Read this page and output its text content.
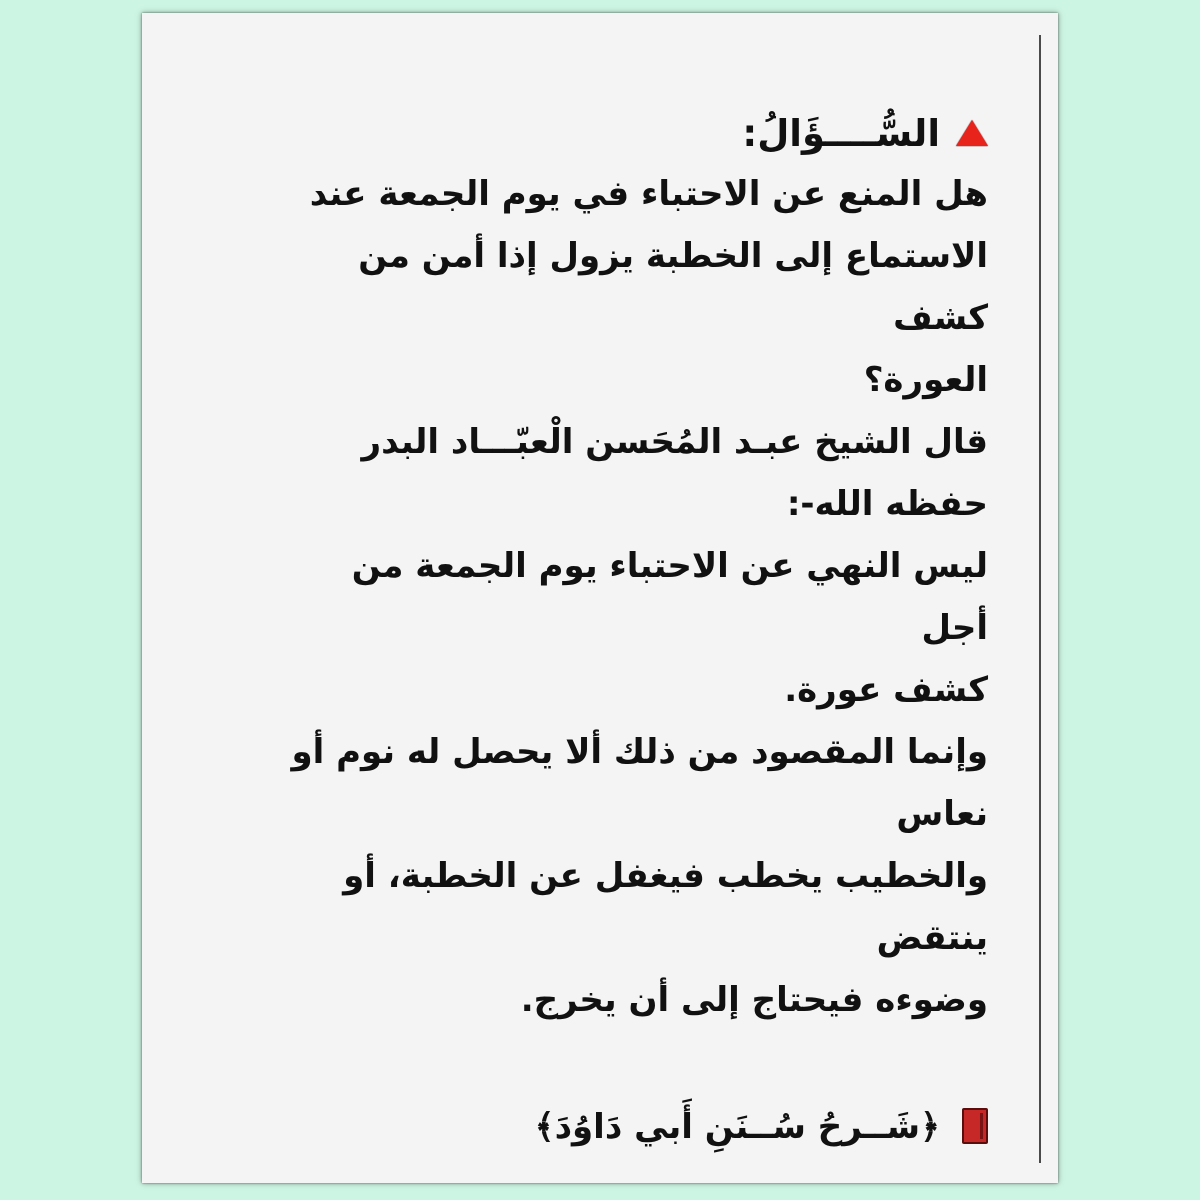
السُّــــؤَالُ:

هل المنع عن الاحتباء في يوم الجمعة عند
الاستماع إلى الخطبة يزول إذا أمن من كشف
العورة؟

قال الشيخ عبـد المُحَسن الْعبّـــاد البدر
حفظه الله-:

ليس النهي عن الاحتباء يوم الجمعة من أجل
كشف عورة.

وإنما المقصود من ذلك ألا يحصل له نوم أو نعاس
والخطيب يخطب فيغفل عن الخطبة، أو ينتقض
وضوءه فيحتاج إلى أن يخرج.

﴿شَــرحُ سُــنَنِ أَبي دَاوُدَ﴾
